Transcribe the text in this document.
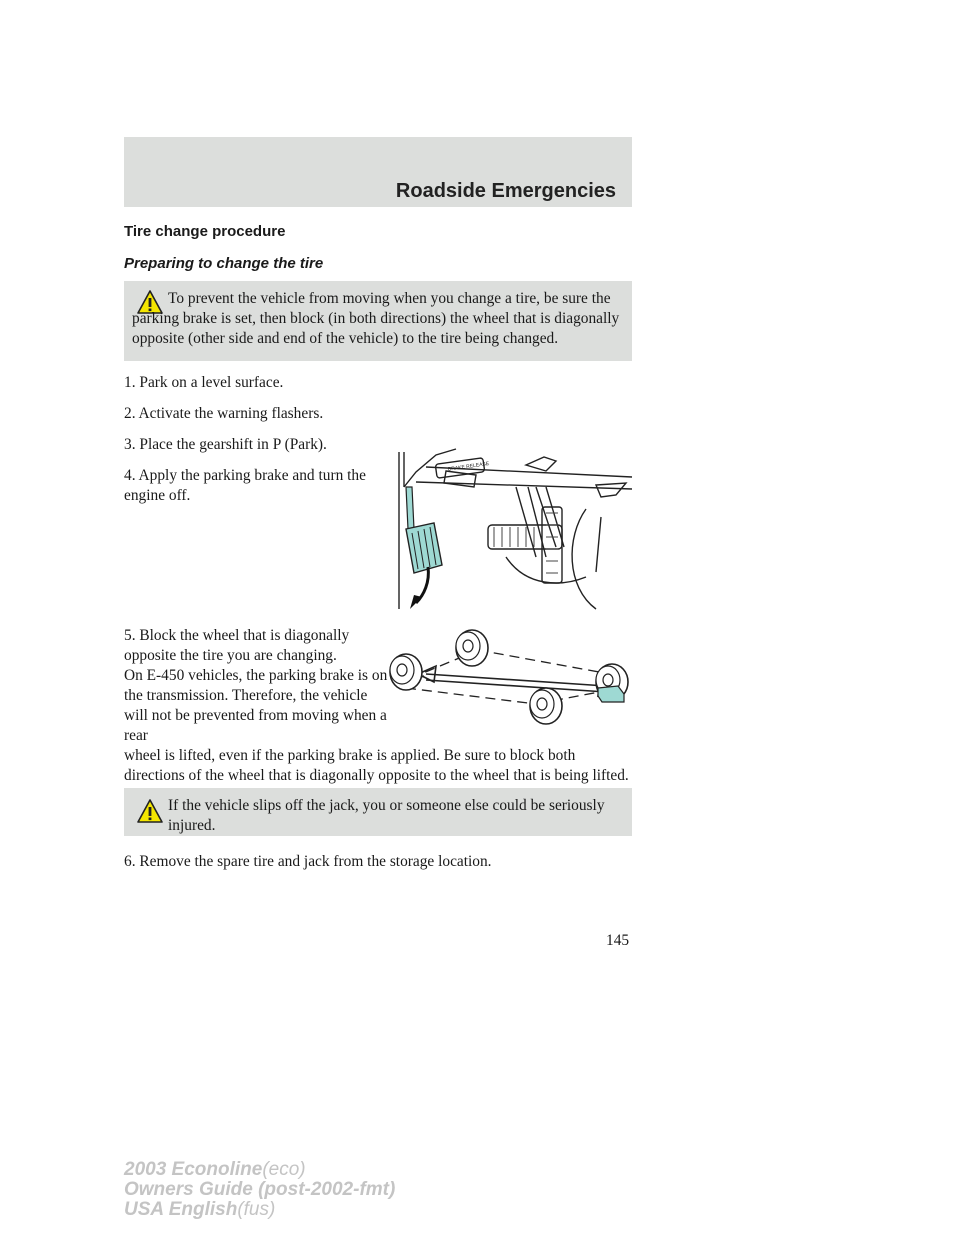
Roadside Emergencies
Tire change procedure
Preparing to change the tire
To prevent the vehicle from moving when you change a tire, be sure the parking brake is set, then block (in both directions) the wheel that is diagonally opposite (other side and end of the vehicle) to the tire being changed.
1. Park on a level surface.
2. Activate the warning flashers.
3. Place the gearshift in P (Park).
4. Apply the parking brake and turn the engine off.
BRAKE RELEASE
5. Block the wheel that is diagonally opposite the tire you are changing.
On E-450 vehicles, the parking brake is on the transmission. Therefore, the vehicle will not be prevented from moving when a rear
wheel is lifted, even if the parking brake is applied. Be sure to block both directions of the wheel that is diagonally opposite to the wheel that is being lifted.
If the vehicle slips off the jack, you or someone else could be seriously injured.
6. Remove the spare tire and jack from the storage location.
145
2003 Econoline(eco)
Owners Guide (post-2002-fmt)
USA English(fus)
